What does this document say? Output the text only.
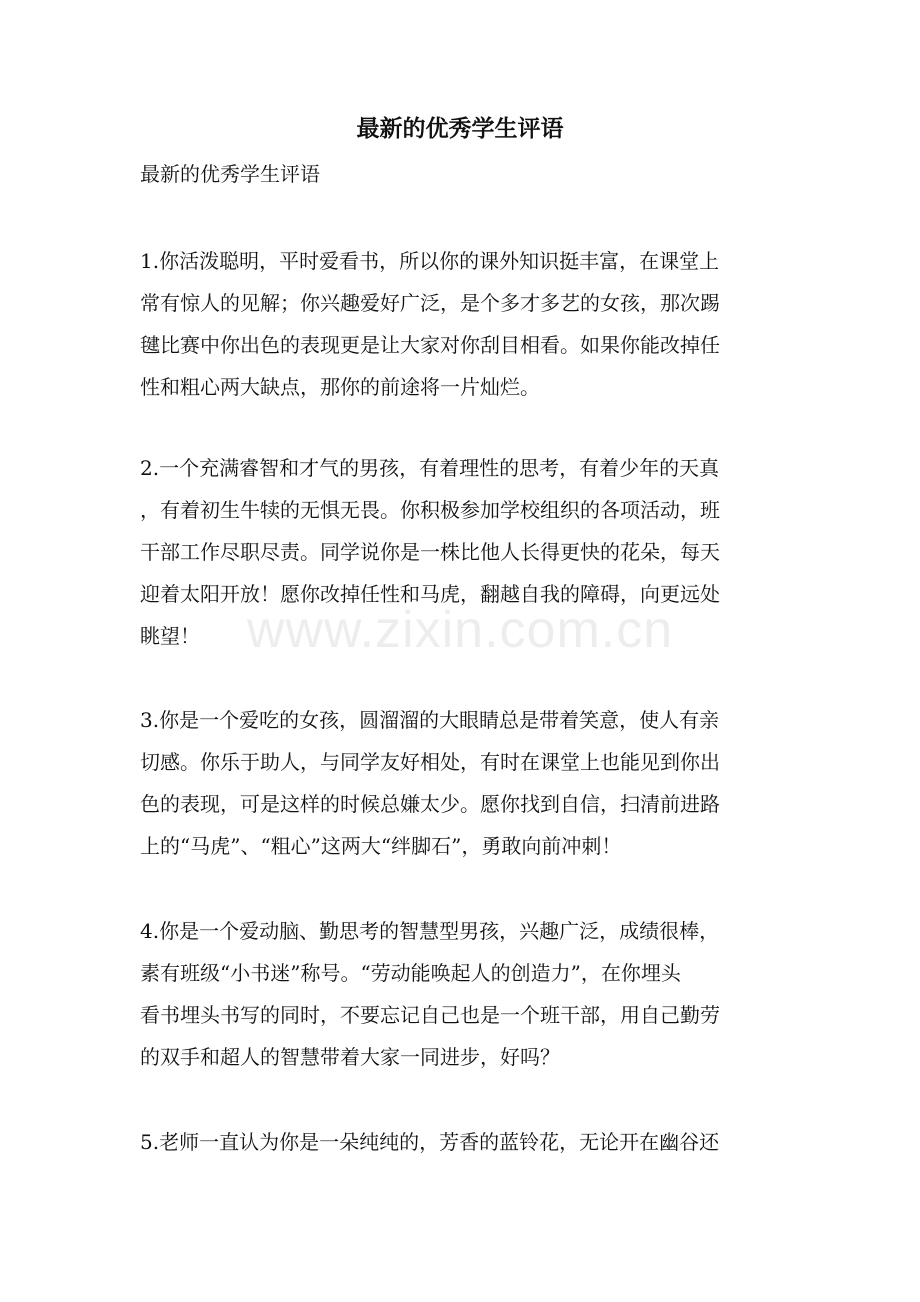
最新的优秀学生评语

最新的优秀学生评语

1.你活泼聪明，平时爱看书，所以你的课外知识挺丰富，在课堂上
常有惊人的见解；你兴趣爱好广泛，是个多才多艺的女孩，那次踢
毽比赛中你出色的表现更是让大家对你刮目相看。如果你能改掉任
性和粗心两大缺点，那你的前途将一片灿烂。

2.一个充满睿智和才气的男孩，有着理性的思考，有着少年的天真
，有着初生牛犊的无惧无畏。你积极参加学校组织的各项活动，班
干部工作尽职尽责。同学说你是一株比他人长得更快的花朵，每天
迎着太阳开放！愿你改掉任性和马虎，翻越自我的障碍，向更远处
眺望！

3.你是一个爱吃的女孩，圆溜溜的大眼睛总是带着笑意，使人有亲
切感。你乐于助人，与同学友好相处，有时在课堂上也能见到你出
色的表现，可是这样的时候总嫌太少。愿你找到自信，扫清前进路
上的“马虎”、“粗心”这两大“绊脚石”，勇敢向前冲刺！

4.你是一个爱动脑、勤思考的智慧型男孩，兴趣广泛，成绩很棒，
素有班级“小书迷”称号。“劳动能唤起人的创造力”，在你埋头
看书埋头书写的同时，不要忘记自己也是一个班干部，用自己勤劳
的双手和超人的智慧带着大家一同进步，好吗？

5.老师一直认为你是一朵纯纯的，芳香的蓝铃花，无论开在幽谷还

www.zixin.com.cn
